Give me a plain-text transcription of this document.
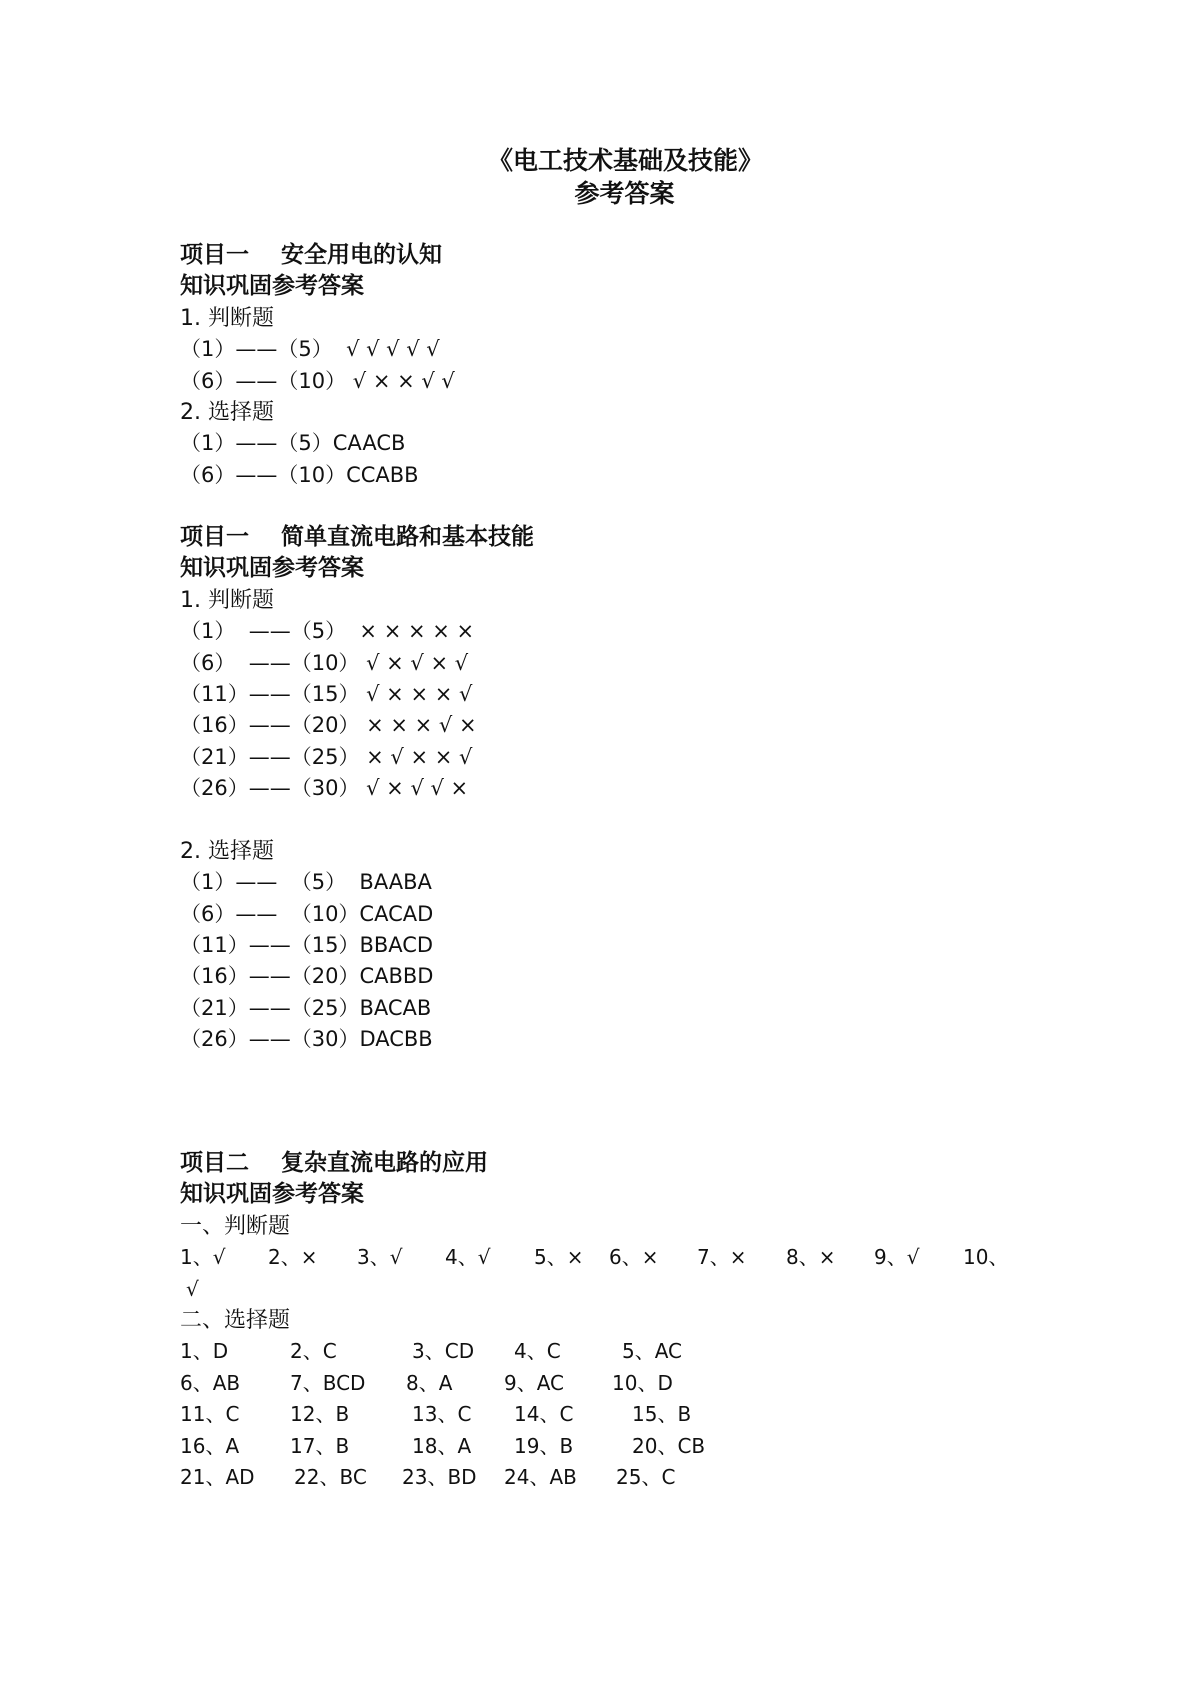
《电工技术基础及技能》
参考答案
项目一    安全用电的认知
知识巩固参考答案
1. 判断题
（1）——（5）  √ √ √ √ √
（6）——（10） √ × × √ √
2. 选择题
（1）——（5）CAACB
（6）——（10）CCABB
项目一    简单直流电路和基本技能
知识巩固参考答案
1. 判断题
（1）  ——（5）  × × × × ×
（6）  ——（10） √ × √ × √
（11）——（15） √ × × × √
（16）——（20） × × × √ ×
（21）——（25） × √ × × √
（26）——（30） √ × √ √ ×
2. 选择题
（1）——  （5）  BAABA
（6）——  （10）CACAD
（11）——（15）BBACD
（16）——（20）CABBD
（21）——（25）BACAB
（26）——（30）DACBB
项目二    复杂直流电路的应用
知识巩固参考答案
一、判断题
1、√ 2、× 3、√ 4、√ 5、× 6、× 7、× 8、× 9、√ 10、
√
二、选择题
1、D	2、C	3、CD 4、C	5、AC
6、AB 7、BCD 8、A	9、AC 10、D
11、C	12、B	13、C 14、C	15、B
16、A	17、B	18、A 19、B	20、CB
21、AD 22、BC 23、BD 24、AB 25、C
